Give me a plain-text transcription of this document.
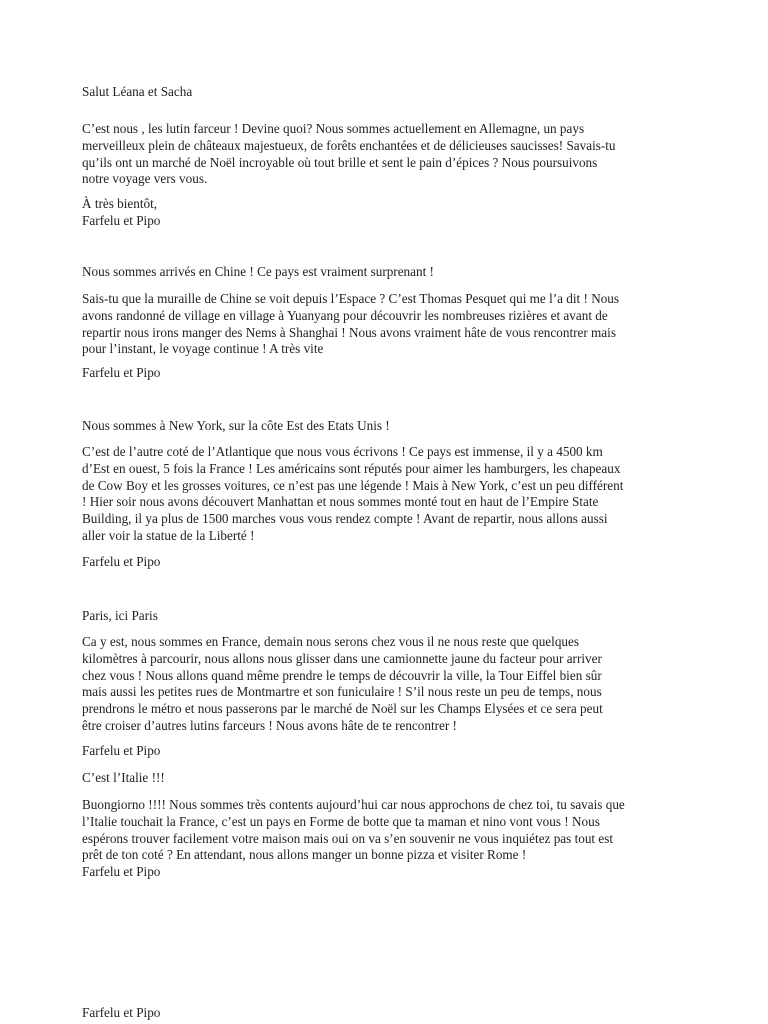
Salut Léana et Sacha

C’est nous , les lutin farceur ! Devine quoi? Nous sommes actuellement en Allemagne, un pays
merveilleux plein de châteaux majestueux, de forêts enchantées et de délicieuses saucisses! Savais-tu
qu’ils ont un marché de Noël incroyable où tout brille et sent le pain d’épices ? Nous poursuivons
notre voyage vers vous.
À très bientôt,
Farfelu et Pipo

Nous sommes arrivés en Chine ! Ce pays est vraiment surprenant !

Sais-tu que la muraille de Chine se voit depuis l’Espace ? C’est Thomas Pesquet qui me l’a dit ! Nous
avons randonné de village en village à Yuanyang pour découvrir les nombreuses rizières et avant de
repartir nous irons manger des Nems à Shanghai ! Nous avons vraiment hâte de vous rencontrer mais
pour l’instant, le voyage continue ! A très vite

Farfelu et Pipo

Nous sommes à New York, sur la côte Est des Etats Unis !

C’est de l’autre coté de l’Atlantique que nous vous écrivons ! Ce pays est immense, il y a 4500 km
d’Est en ouest, 5 fois la France ! Les américains sont réputés pour aimer les hamburgers, les chapeaux
de Cow Boy et les grosses voitures, ce n’est pas une légende ! Mais à New York, c’est un peu différent
! Hier soir nous avons découvert Manhattan et nous sommes monté tout en haut de l’Empire State
Building, il ya plus de 1500 marches vous vous rendez compte ! Avant de repartir, nous allons aussi
aller voir la statue de la Liberté !

Farfelu et Pipo

Paris, ici Paris

Ca y est, nous sommes en France, demain nous serons chez vous il ne nous reste que quelques
kilomètres à parcourir, nous allons nous glisser dans une camionnette jaune du facteur pour arriver
chez vous ! Nous allons quand même prendre le temps de découvrir la ville, la Tour Eiffel bien sûr
mais aussi les petites rues de Montmartre et son funiculaire ! S’il nous reste un peu de temps, nous
prendrons le métro et nous passerons par le marché de Noël sur les Champs Elysées et ce sera peut
être croiser d’autres lutins farceurs ! Nous avons hâte de te rencontrer !

Farfelu et Pipo

C’est l’Italie !!!

Buongiorno !!!! Nous sommes très contents aujourd’hui car nous approchons de chez toi, tu savais que
l’Italie touchait la France, c’est un pays en Forme de botte que ta maman et nino vont vous ! Nous
espérons trouver facilement votre maison mais oui on va s’en souvenir ne vous inquiétez pas tout est
prêt de ton coté ? En attendant, nous allons manger un bonne pizza et visiter Rome !

Farfelu et Pipo

Farfelu et Pipo
